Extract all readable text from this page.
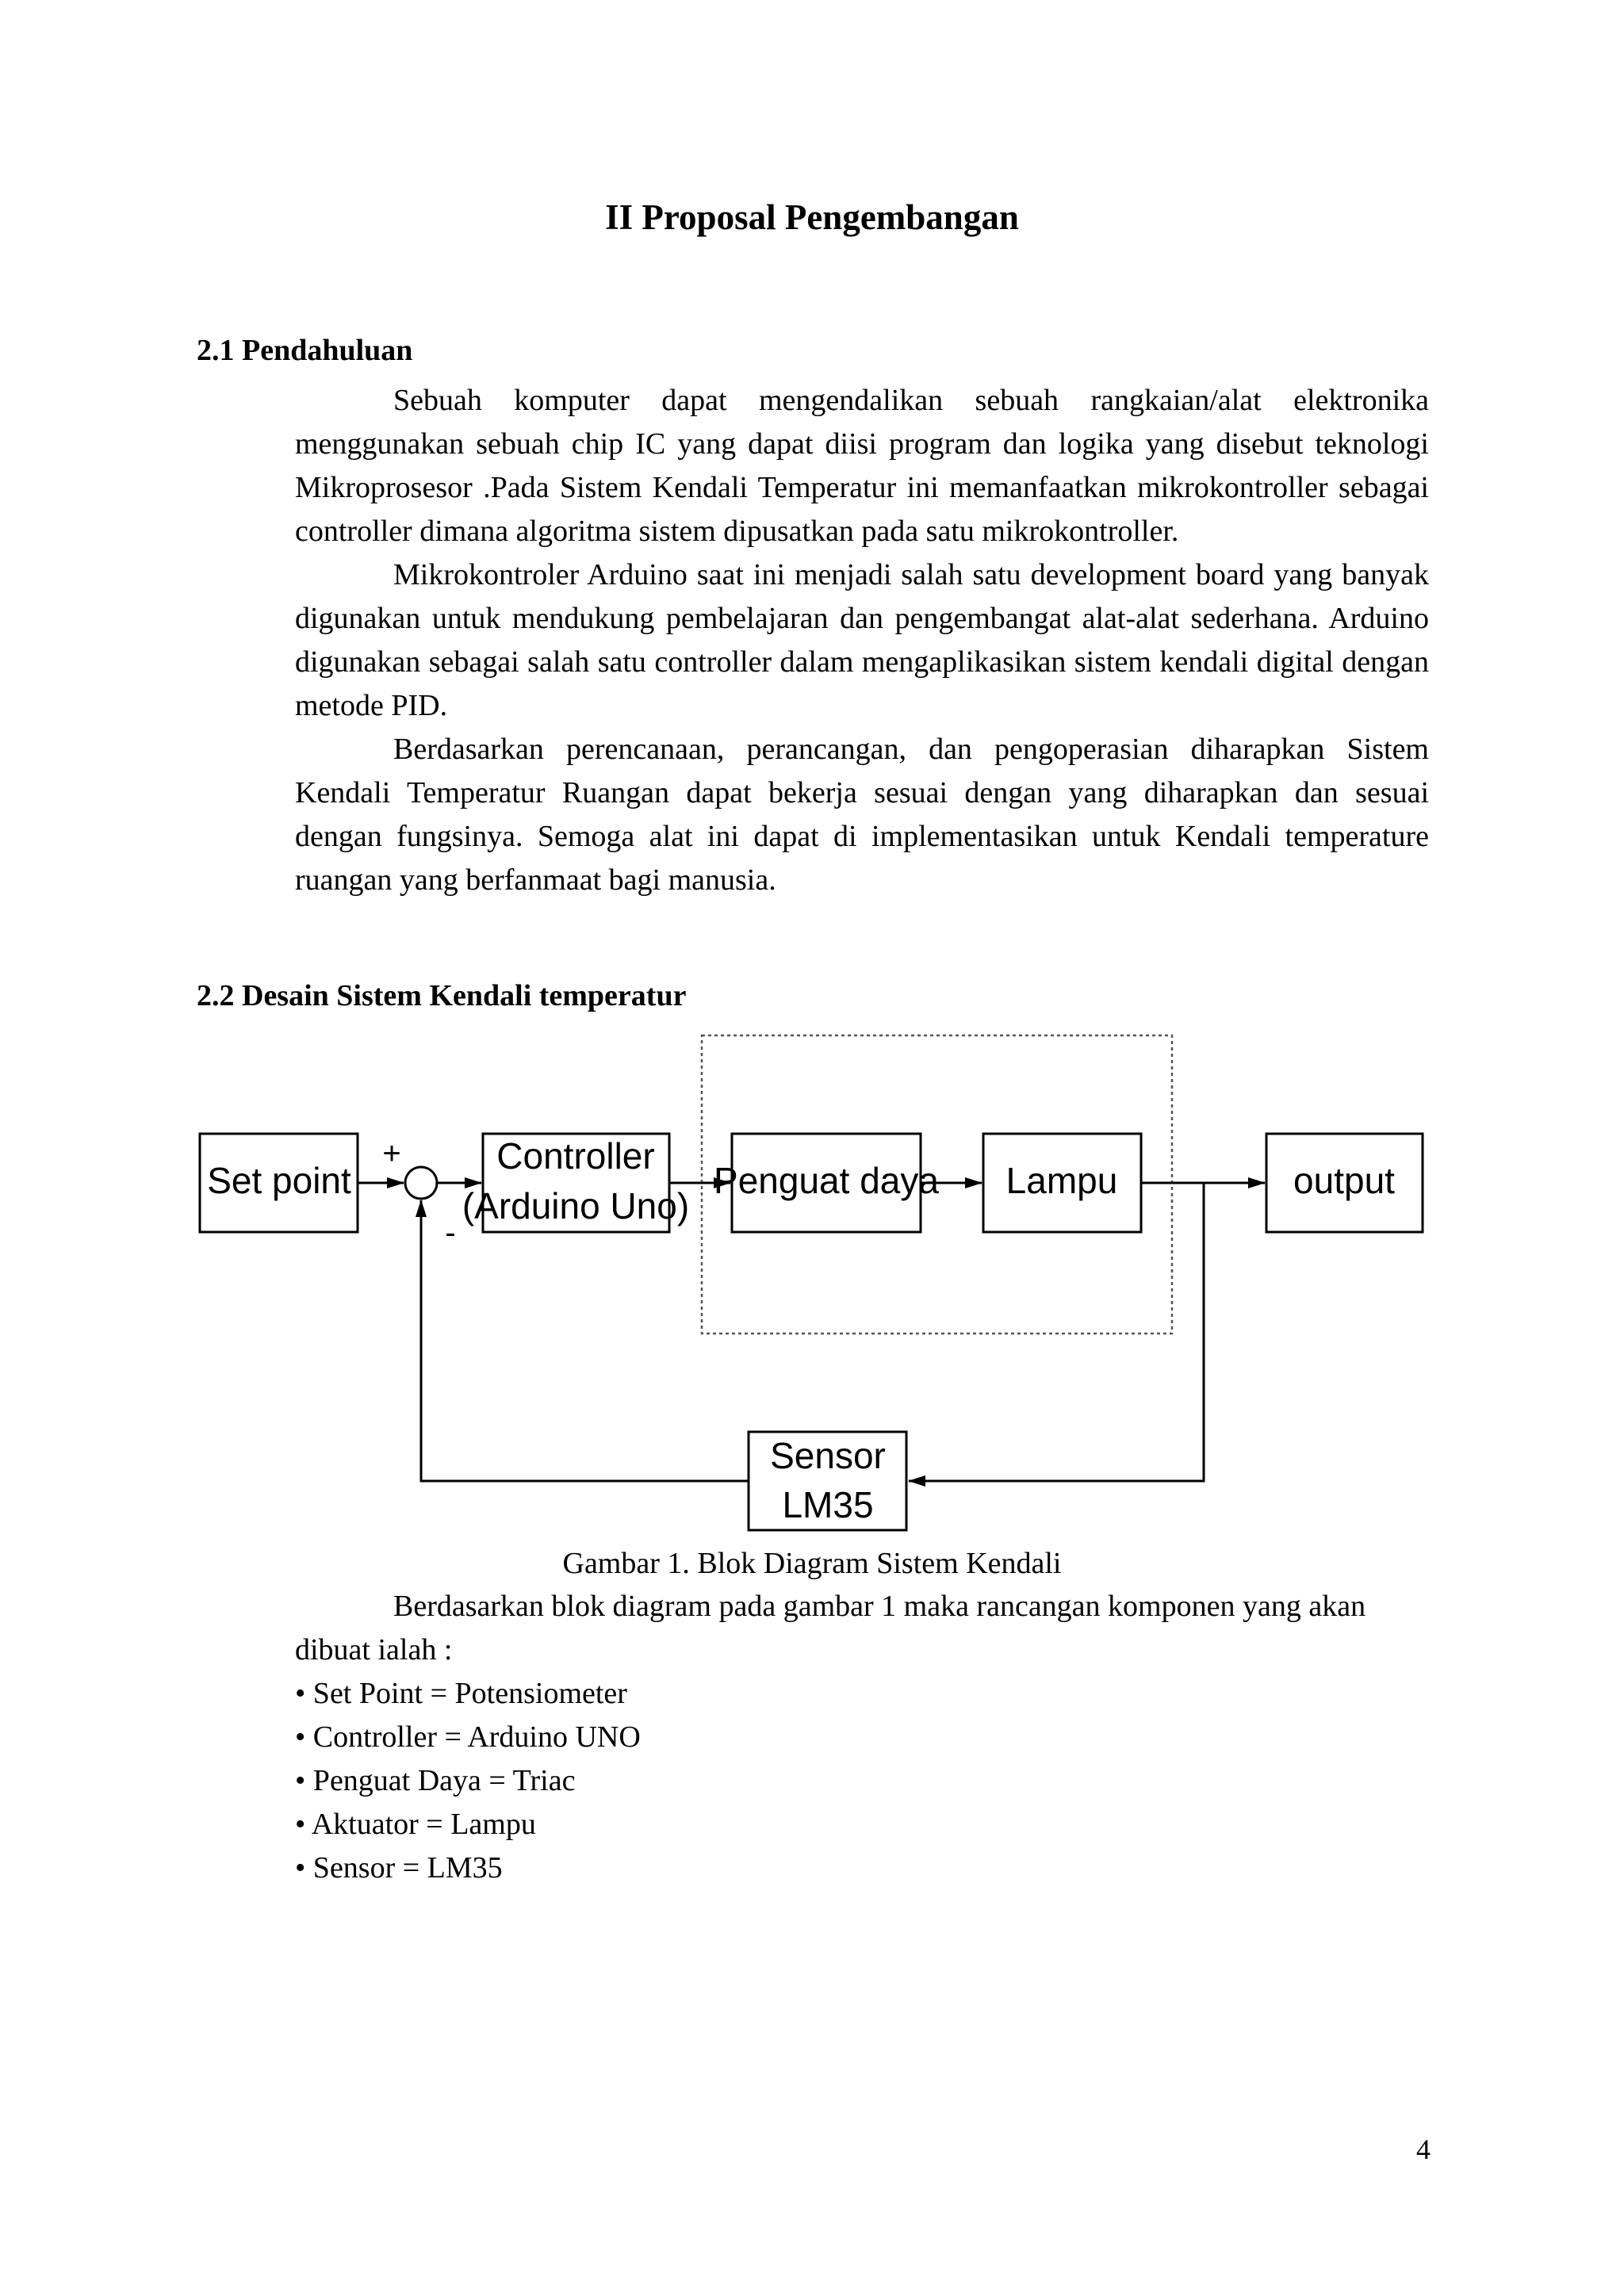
II Proposal Pengembangan
2.1 Pendahuluan

Sebuah komputer dapat mengendalikan sebuah rangkaian/alat elektronika menggunakan sebuah chip IC yang dapat diisi program dan logika yang disebut teknologi Mikroprosesor .Pada Sistem Kendali Temperatur ini memanfaatkan mikrokontroller sebagai controller dimana algoritma sistem dipusatkan pada satu mikrokontroller.

Mikrokontroler Arduino saat ini menjadi salah satu development board yang banyak digunakan untuk mendukung pembelajaran dan pengembangat alat-alat sederhana. Arduino digunakan sebagai salah satu controller dalam mengaplikasikan sistem kendali digital dengan metode PID.

Berdasarkan perencanaan, perancangan, dan pengoperasian diharapkan Sistem Kendali Temperatur Ruangan dapat bekerja sesuai dengan yang diharapkan dan sesuai dengan fungsinya. Semoga alat ini dapat di implementasikan untuk Kendali temperature ruangan yang berfanmaat bagi manusia.

2.2 Desain Sistem Kendali temperatur
Set point
Controller
(Arduino Uno)
Penguat daya Lampu	output
Sensor
LM35
+
-

Gambar 1. Blok Diagram Sistem Kendali

Berdasarkan blok diagram pada gambar 1 maka rancangan komponen yang akan dibuat ialah :

• Set Point = Potensiometer
• Controller = Arduino UNO
• Penguat Daya = Triac
• Aktuator = Lampu
• Sensor = LM35

4
